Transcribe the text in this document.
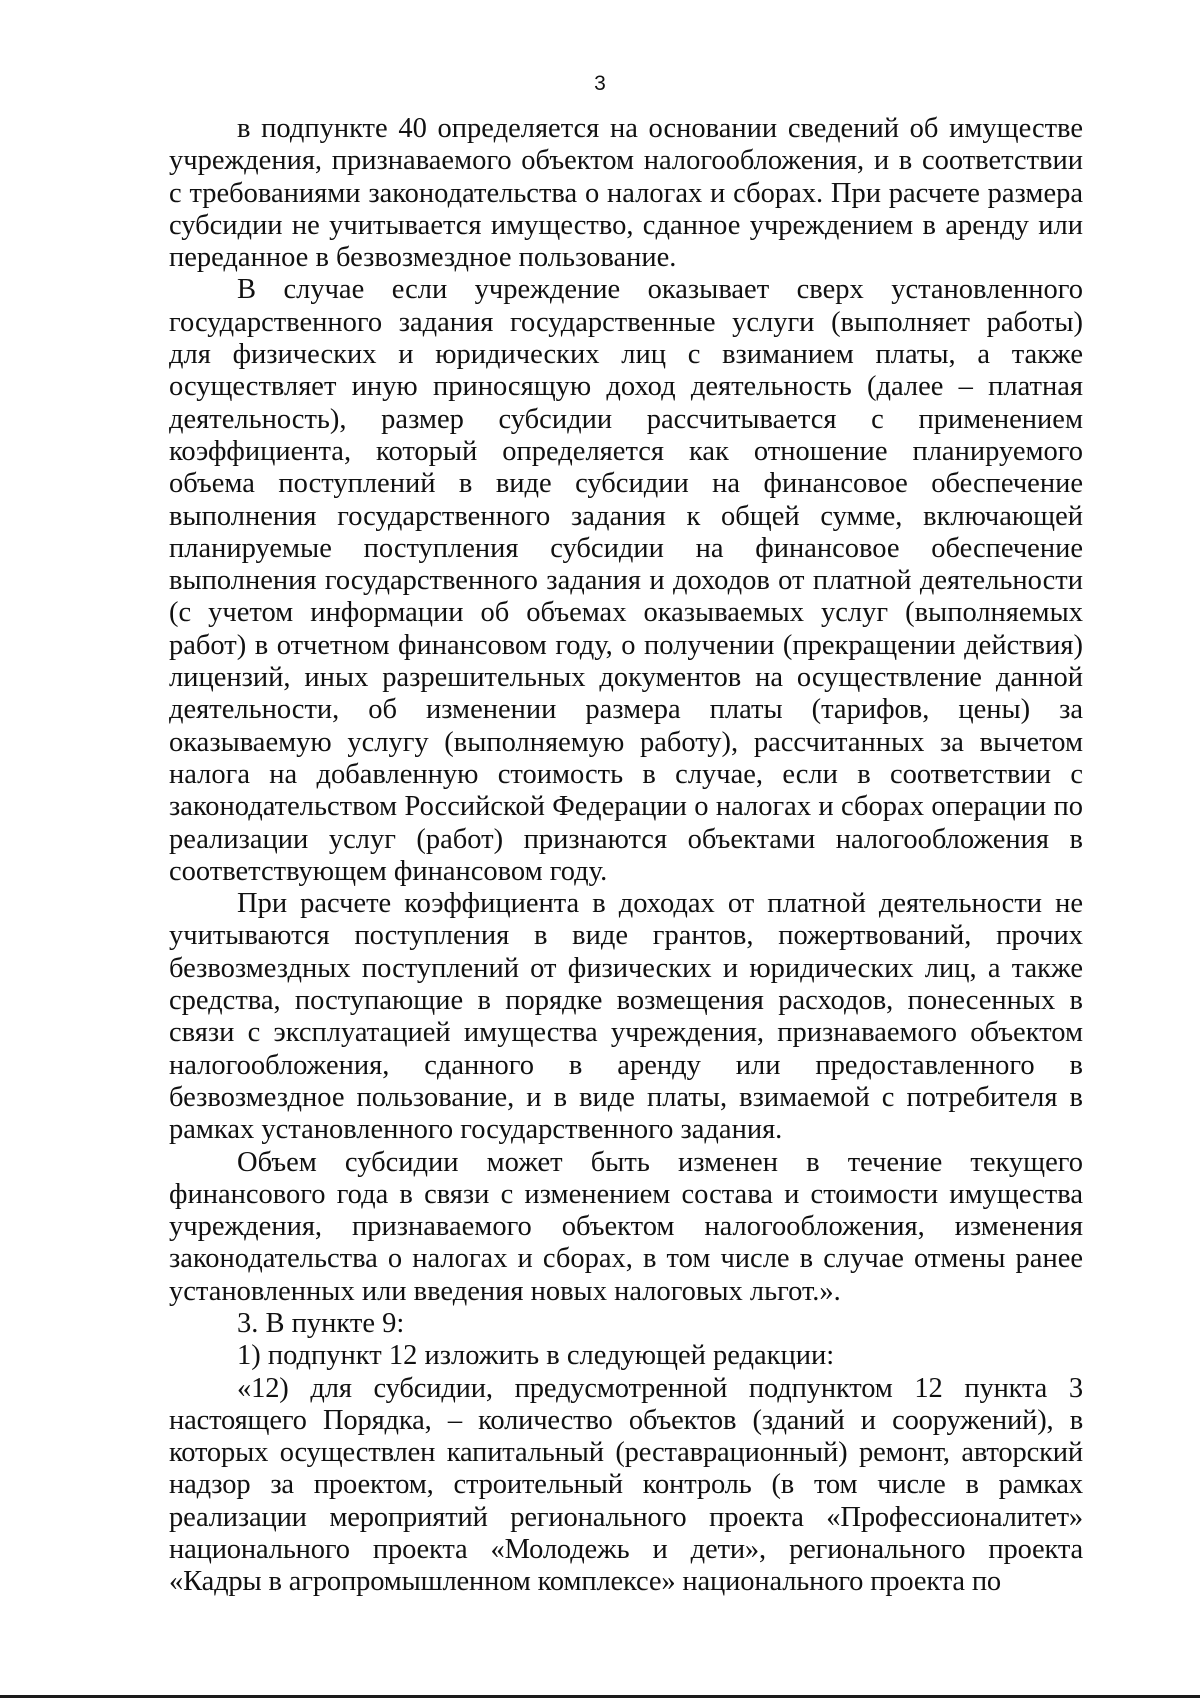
3

в подпункте 40 определяется на основании сведений об имуществе учреждения, признаваемого объектом налогообложения, и в соответствии с требованиями законодательства о налогах и сборах. При расчете размера субсидии не учитывается имущество, сданное учреждением в аренду или переданное в безвозмездное пользование.

В случае если учреждение оказывает сверх установленного государственного задания государственные услуги (выполняет работы) для физических и юридических лиц с взиманием платы, а также осуществляет иную приносящую доход деятельность (далее – платная деятельность), размер субсидии рассчитывается с применением коэффициента, который определяется как отношение планируемого объема поступлений в виде субсидии на финансовое обеспечение выполнения государственного задания к общей сумме, включающей планируемые поступления субсидии на финансовое обеспечение выполнения государственного задания и доходов от платной деятельности (с учетом информации об объемах оказываемых услуг (выполняемых работ) в отчетном финансовом году, о получении (прекращении действия) лицензий, иных разрешительных документов на осуществление данной деятельности, об изменении размера платы (тарифов, цены) за оказываемую услугу (выполняемую работу), рассчитанных за вычетом налога на добавленную стоимость в случае, если в соответствии с законодательством Российской Федерации о налогах и сборах операции по реализации услуг (работ) признаются объектами налогообложения в соответствующем финансовом году.

При расчете коэффициента в доходах от платной деятельности не учитываются поступления в виде грантов, пожертвований, прочих безвозмездных поступлений от физических и юридических лиц, а также средства, поступающие в порядке возмещения расходов, понесенных в связи с эксплуатацией имущества учреждения, признаваемого объектом налогообложения, сданного в аренду или предоставленного в безвозмездное пользование, и в виде платы, взимаемой с потребителя в рамках установленного государственного задания.

Объем субсидии может быть изменен в течение текущего финансового года в связи с изменением состава и стоимости имущества учреждения, признаваемого объектом налогообложения, изменения законодательства о налогах и сборах, в том числе в случае отмены ранее установленных или введения новых налоговых льгот.».

3. В пункте 9:

1) подпункт 12 изложить в следующей редакции:

«12) для субсидии, предусмотренной подпунктом 12 пункта 3 настоящего Порядка, – количество объектов (зданий и сооружений), в которых осуществлен капитальный (реставрационный) ремонт, авторский надзор за проектом, строительный контроль (в том числе в рамках реализации мероприятий регионального проекта «Профессионалитет» национального проекта «Молодежь и дети», регионального проекта «Кадры в агропромышленном комплексе» национального проекта по
